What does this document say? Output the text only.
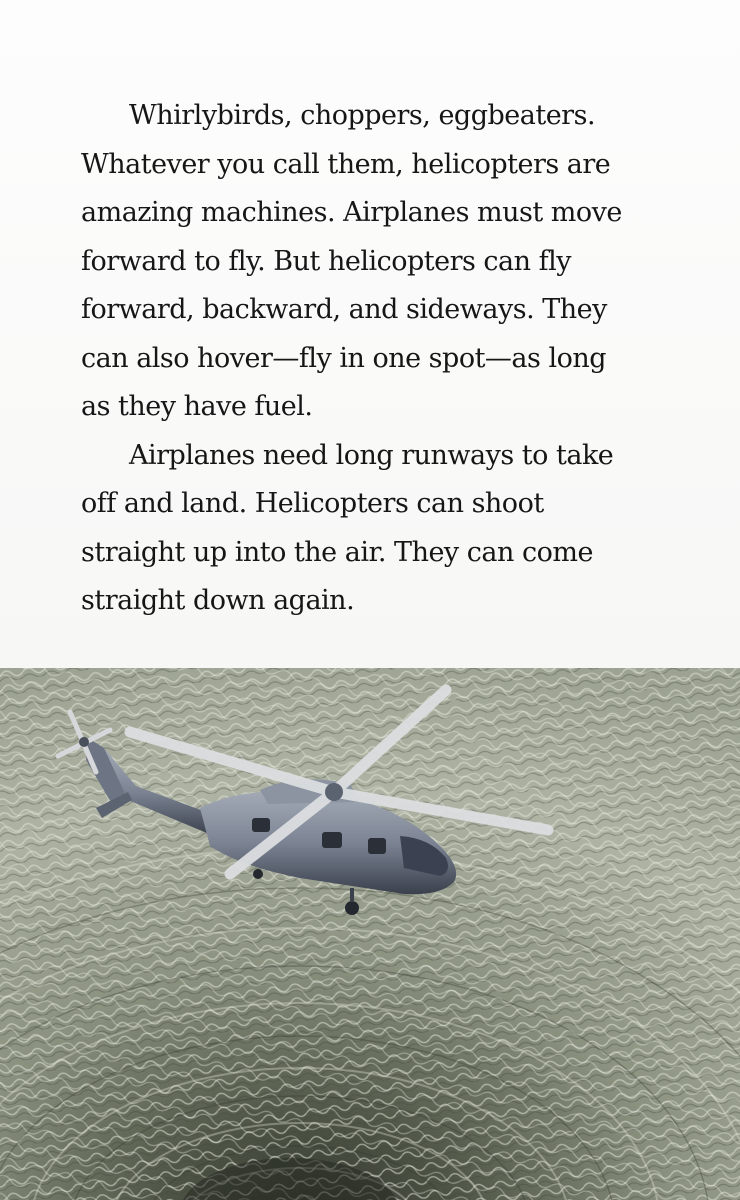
Whirlybirds, choppers, eggbeaters.
Whatever you call them, helicopters are
amazing machines. Airplanes must move
forward to fly. But helicopters can fly
forward, backward, and sideways. They
can also hover—fly in one spot—as long
as they have fuel.
Airplanes need long runways to take
off and land. Helicopters can shoot
straight up into the air. They can come
straight down again.
